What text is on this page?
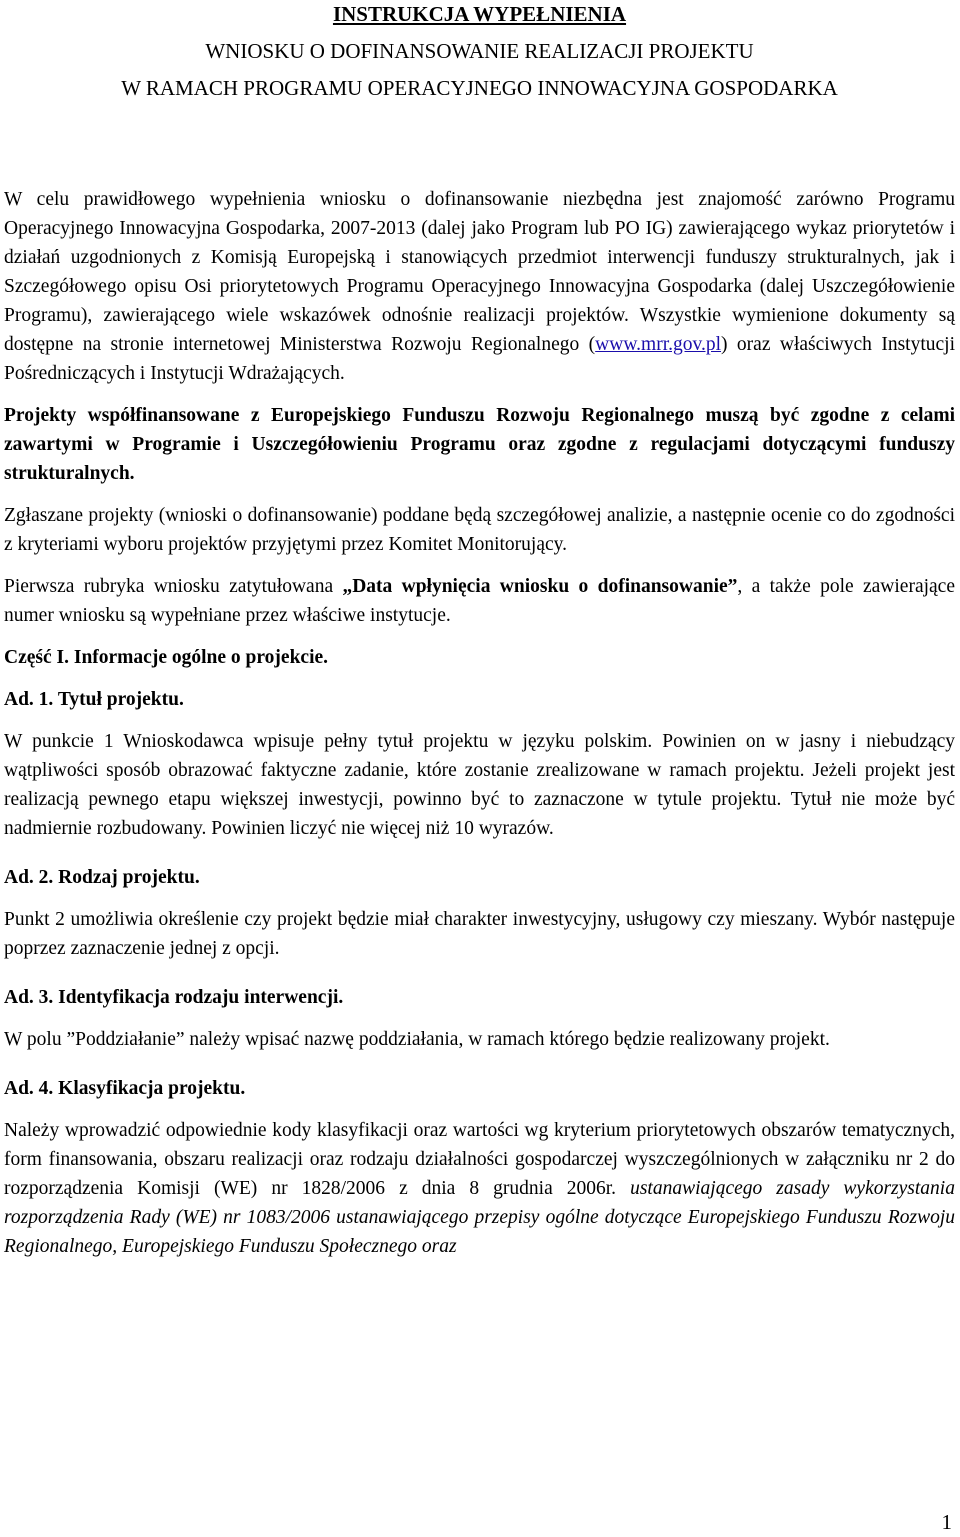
INSTRUKCJA WYPEŁNIENIA

WNIOSKU O DOFINANSOWANIE REALIZACJI PROJEKTU

W RAMACH PROGRAMU OPERACYJNEGO INNOWACYJNA GOSPODARKA

W celu prawidłowego wypełnienia wniosku o dofinansowanie niezbędna jest znajomość zarówno Programu Operacyjnego Innowacyjna Gospodarka, 2007-2013 (dalej jako Program lub PO IG) zawierającego wykaz priorytetów i działań uzgodnionych z Komisją Europejską i stanowiących przedmiot interwencji funduszy strukturalnych, jak i Szczegółowego opisu Osi priorytetowych Programu Operacyjnego Innowacyjna Gospodarka (dalej Uszczegółowienie Programu), zawierającego wiele wskazówek odnośnie realizacji projektów. Wszystkie wymienione dokumenty są dostępne na stronie internetowej Ministerstwa Rozwoju Regionalnego (www.mrr.gov.pl) oraz właściwych Instytucji Pośredniczących i Instytucji Wdrażających.

Projekty współfinansowane z Europejskiego Funduszu Rozwoju Regionalnego muszą być zgodne z celami zawartymi w Programie i Uszczegółowieniu Programu oraz zgodne z regulacjami dotyczącymi funduszy strukturalnych.

Zgłaszane projekty (wnioski o dofinansowanie) poddane będą szczegółowej analizie, a następnie ocenie co do zgodności z kryteriami wyboru projektów przyjętymi przez Komitet Monitorujący.

Pierwsza rubryka wniosku zatytułowana „Data wpłynięcia wniosku o dofinansowanie”, a także pole zawierające numer wniosku są wypełniane przez właściwe instytucje.

Część I. Informacje ogólne o projekcie.

Ad. 1. Tytuł projektu.

W punkcie 1 Wnioskodawca wpisuje pełny tytuł projektu w języku polskim. Powinien on w jasny i niebudzący wątpliwości sposób obrazować faktyczne zadanie, które zostanie zrealizowane w ramach projektu. Jeżeli projekt jest realizacją pewnego etapu większej inwestycji, powinno być to zaznaczone w tytule projektu. Tytuł nie może być nadmiernie rozbudowany. Powinien liczyć nie więcej niż 10 wyrazów.

Ad. 2. Rodzaj projektu.

Punkt 2 umożliwia określenie czy projekt będzie miał charakter inwestycyjny, usługowy czy mieszany. Wybór następuje poprzez zaznaczenie jednej z opcji.

Ad. 3. Identyfikacja rodzaju interwencji.

W polu ”Poddziałanie” należy wpisać nazwę poddziałania, w ramach którego będzie realizowany projekt.

Ad. 4. Klasyfikacja projektu.

Należy wprowadzić odpowiednie kody klasyfikacji oraz wartości wg kryterium priorytetowych obszarów tematycznych, form finansowania, obszaru realizacji oraz rodzaju działalności gospodarczej wyszczególnionych w załączniku nr 2 do rozporządzenia Komisji (WE) nr 1828/2006 z dnia 8 grudnia 2006r. ustanawiającego zasady wykorzystania rozporządzenia Rady (WE) nr 1083/2006 ustanawiającego przepisy ogólne dotyczące Europejskiego Funduszu Rozwoju Regionalnego, Europejskiego Funduszu Społecznego oraz

1
